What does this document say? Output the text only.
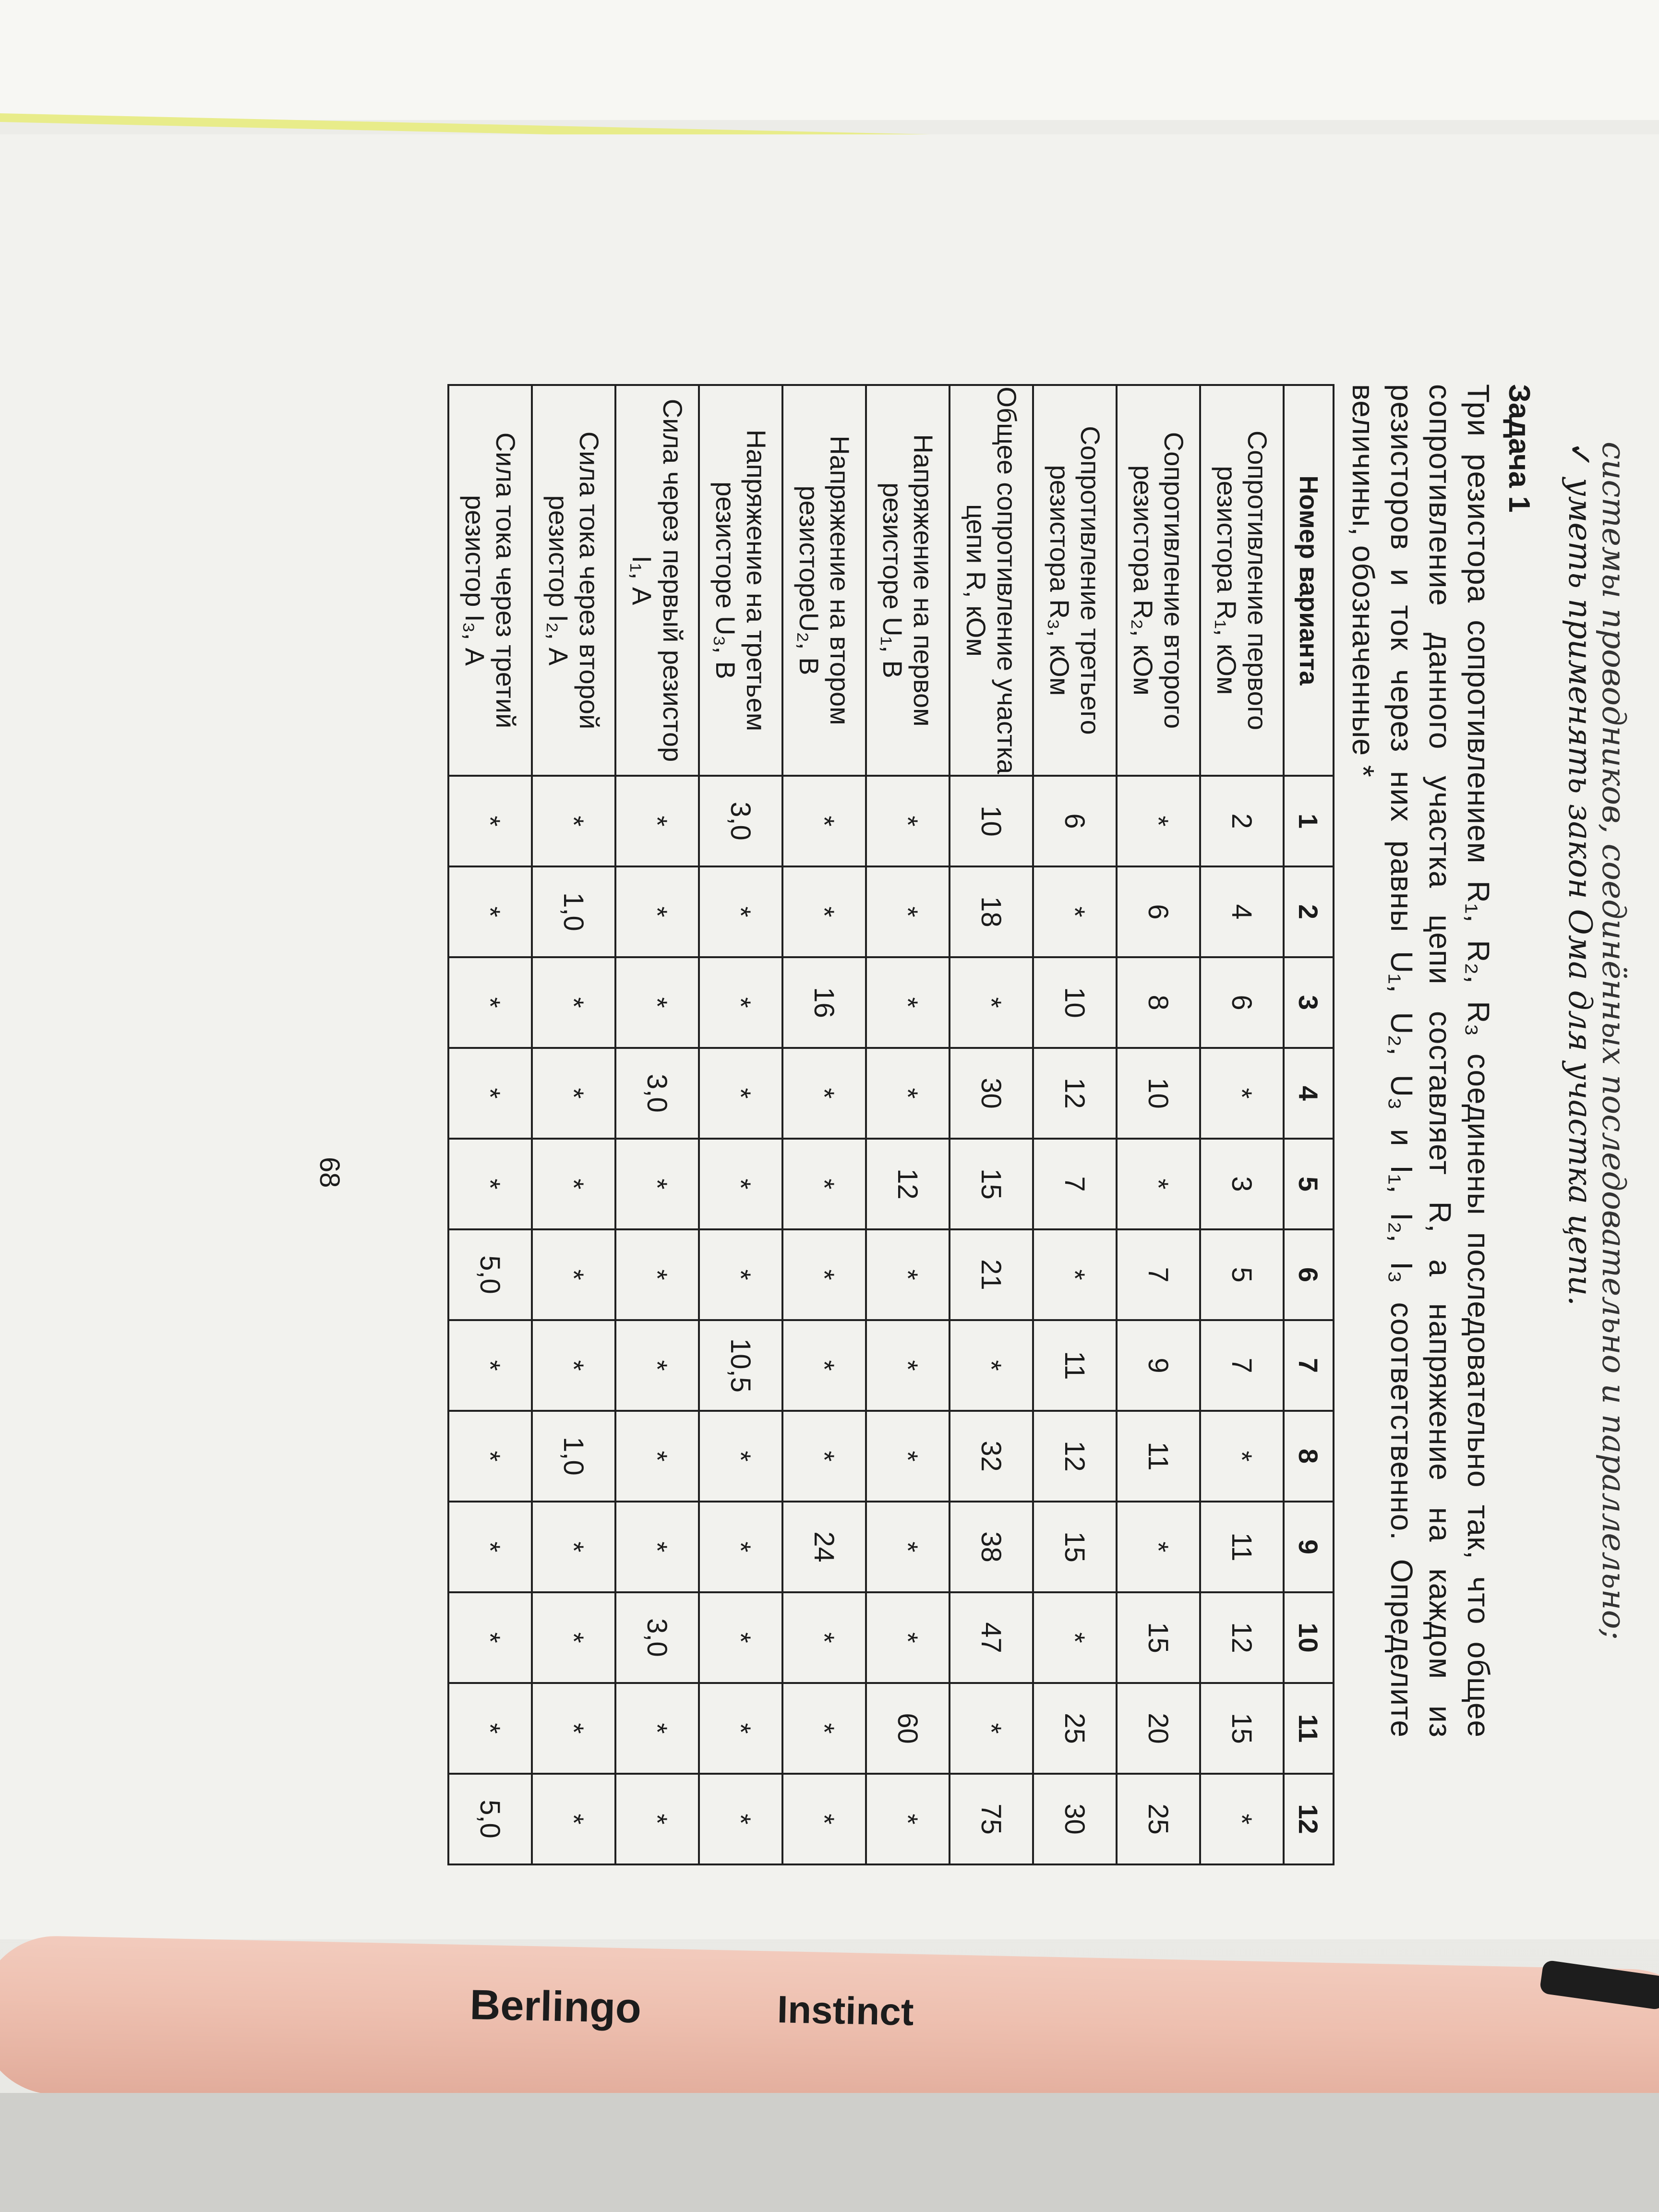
системы проводников, соединённых последовательно и параллельно;
✓уметь применять закон Ома для участка цепи.
Задача 1
Три резистора сопротивлением R₁, R₂, R₃ соединены последовательно так, что общее сопротивление данного участка цепи составляет R, а напряжение на каждом из резисторов и ток через них равны U₁, U₂, U₃ и I₁, I₂, I₃ соответственно. Определите величины, обозначенные *
Номер варианта	1	2	3	4	5	6	7	8	9	10	11	12
Сопротивление первого резистора R₁, кОм	2	4	6	*	3	5	7	*	11	12	15	*
Сопротивление второго резистора R₂, кОм	*	6	8	10	*	7	9	11	*	15	20	25
Сопротивление третьего резистора R₃, кОм	6	*	10	12	7	*	11	12	15	*	25	30
Общее сопротивление участка цепи R, кОм	10	18	*	30	15	21	*	32	38	47	*	75
Напряжение на первом резисторе U₁, В	*	*	*	*	12	*	*	*	*	*	60	*
Напряжение на втором резистореU₂, В	*	*	16	*	*	*	*	*	24	*	*	*
Напряжение на третьем резисторе U₃, В	3,0	*	*	*	*	*	10,5	*	*	*	*	*
Сила через первый резистор I₁, А	*	*	*	3,0	*	*	*	*	*	3,0	*	*
Сила тока через второй резистор I₂, А	*	1,0	*	*	*	*	*	1,0	*	*	*	*
Сила тока через третий резистор I₃, А	*	*	*	*	*	5,0	*	*	*	*	*	5,0
68
Berlingo	Instinct
